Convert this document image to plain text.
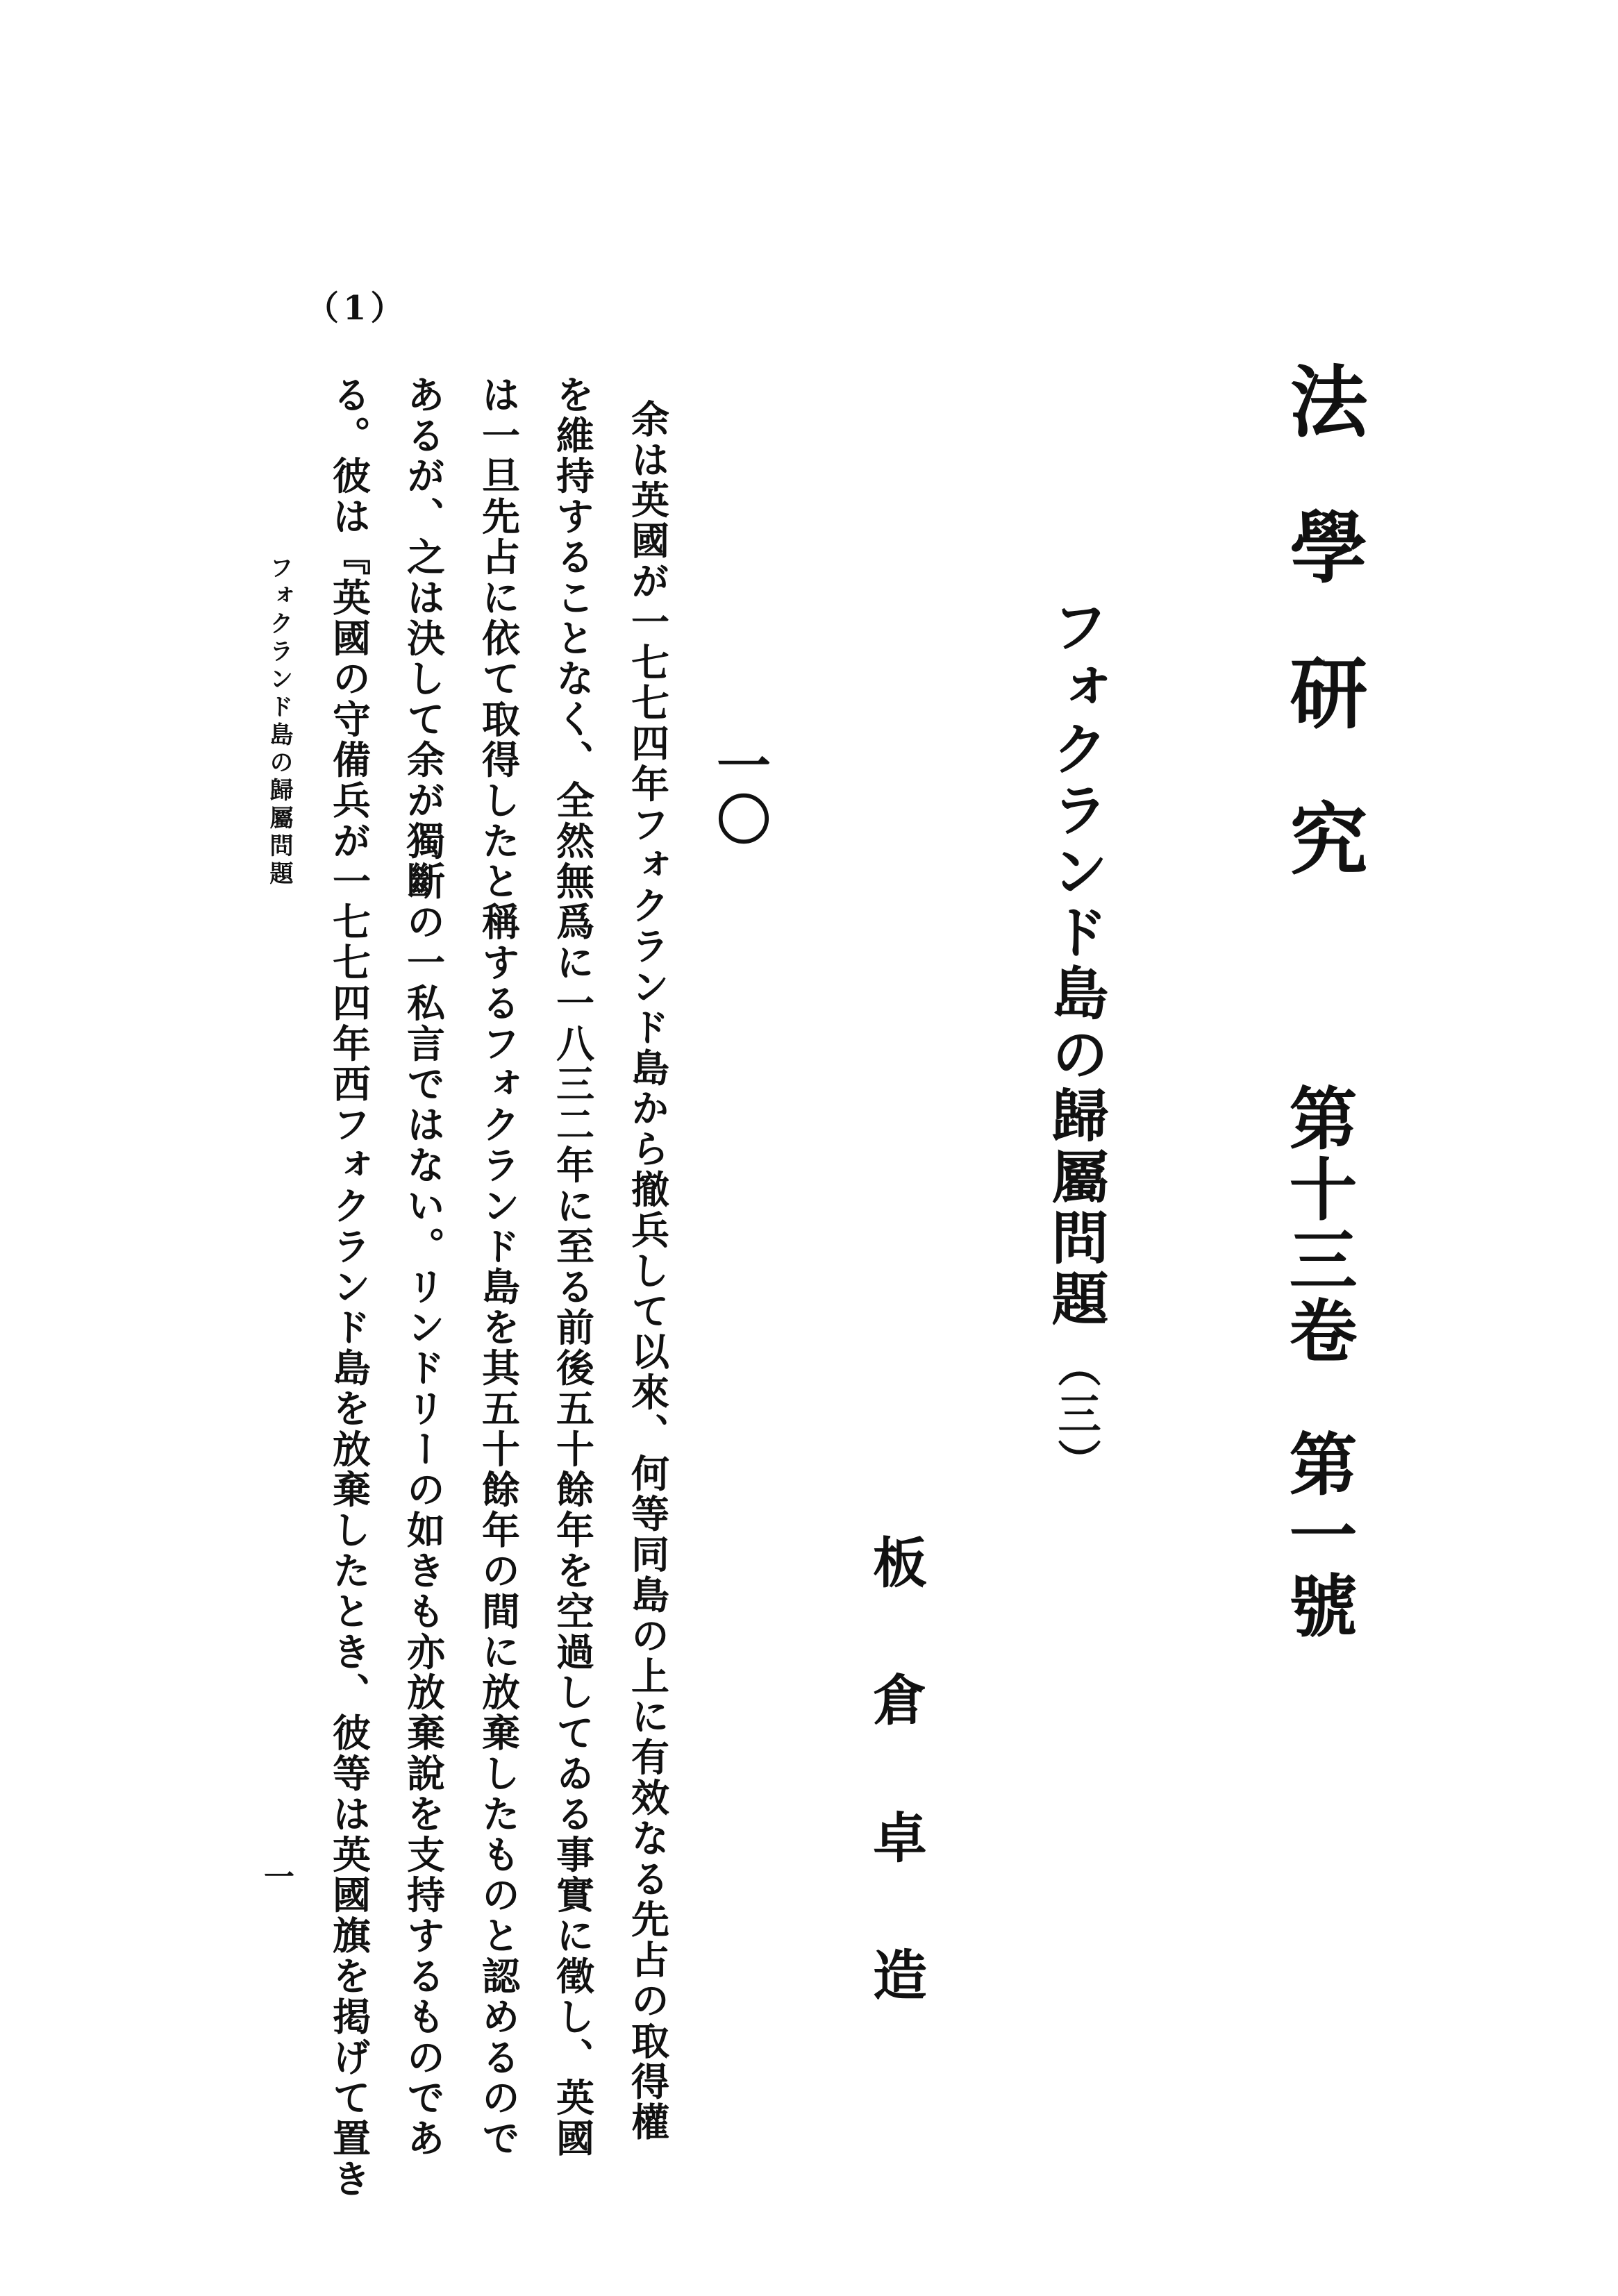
法學研究
第十三卷第一號
フォクランド島の歸屬問題（三）
板倉卓造
一〇
余は英國が一七七四年フォクランド島から撤兵して以來、何等同島の上に有效なる先占の取得權
を維持することなく、全然無爲に一八三二年に至る前後五十餘年を空過してゐる事實に徵し、英國
は一旦先占に依て取得したと稱するフォクランド島を其五十餘年の間に放棄したものと認めるので
あるが、之は決して余が獨斷の一私言ではない。リンドリーの如きも亦放棄說を支持するものであ
る。彼は『英國の守備兵が一七七四年西フォクランド島を放棄したとき、彼等は英國旗を掲げて置き
（1）
フォクランド島の歸屬問題
一
